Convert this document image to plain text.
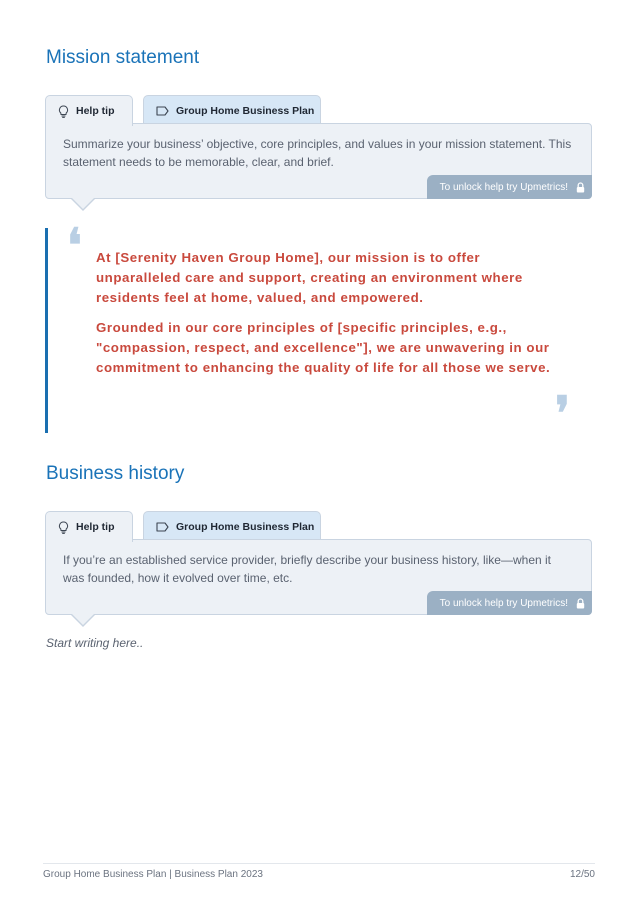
Mission statement
Help tip	Group Home Business Plan

Summarize your business’ objective, core principles, and values in your mission statement. This statement needs to be memorable, clear, and brief.

To unlock help try Upmetrics!
❛ At [Serenity Haven Group Home], our mission is to offer unparalleled care and support, creating an environment where residents feel at home, valued, and empowered.

Grounded in our core principles of [specific principles, e.g., "compassion, respect, and excellence"], we are unwavering in our commitment to enhancing the quality of life for all those we serve.

❜
Business history
Help tip	Group Home Business Plan

If you’re an established service provider, briefly describe your business history, like—when it was founded, how it evolved over time, etc.

To unlock help try Upmetrics!

Start writing here..

Group Home Business Plan | Business Plan 2023	12/50
